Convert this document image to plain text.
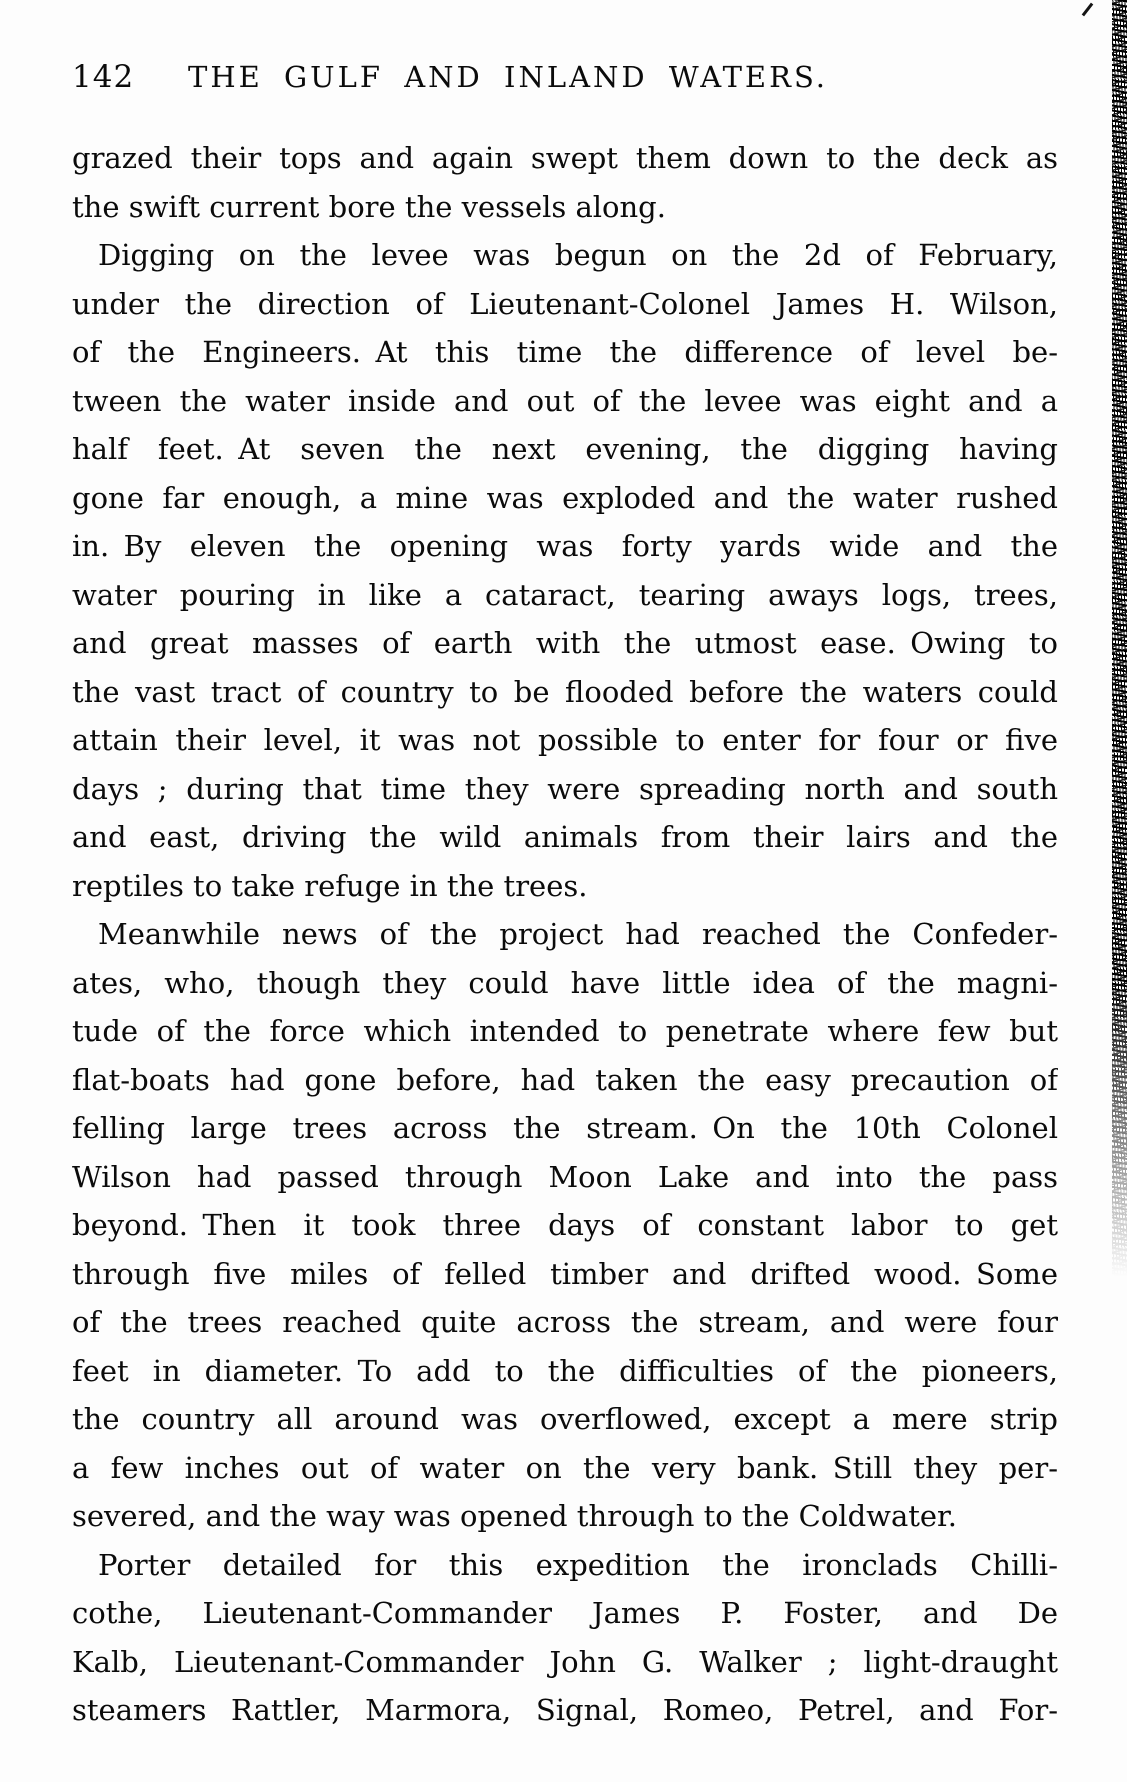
142	THE GULF AND INLAND WATERS.
grazed their tops and again swept them down to the deck as
the swift current bore the vessels along.
Digging on the levee was begun on the 2d of February,
under the direction of Lieutenant-Colonel James H. Wilson,
of the Engineers. At this time the difference of level be-
tween the water inside and out of the levee was eight and a
half feet. At seven the next evening, the digging having
gone far enough, a mine was exploded and the water rushed
in. By eleven the opening was forty yards wide and the
water pouring in like a cataract, tearing aways logs, trees,
and great masses of earth with the utmost ease. Owing to
the vast tract of country to be flooded before the waters could
attain their level, it was not possible to enter for four or five
days ; during that time they were spreading north and south
and east, driving the wild animals from their lairs and the
reptiles to take refuge in the trees.
Meanwhile news of the project had reached the Confeder-
ates, who, though they could have little idea of the magni-
tude of the force which intended to penetrate where few but
flat-boats had gone before, had taken the easy precaution of
felling large trees across the stream. On the 10th Colonel
Wilson had passed through Moon Lake and into the pass
beyond. Then it took three days of constant labor to get
through five miles of felled timber and drifted wood. Some
of the trees reached quite across the stream, and were four
feet in diameter. To add to the difficulties of the pioneers,
the country all around was overflowed, except a mere strip
a few inches out of water on the very bank. Still they per-
severed, and the way was opened through to the Coldwater.
Porter detailed for this expedition the ironclads Chilli-
cothe, Lieutenant-Commander James P. Foster, and De
Kalb, Lieutenant-Commander John G. Walker ; light-draught
steamers Rattler, Marmora, Signal, Romeo, Petrel, and For-
